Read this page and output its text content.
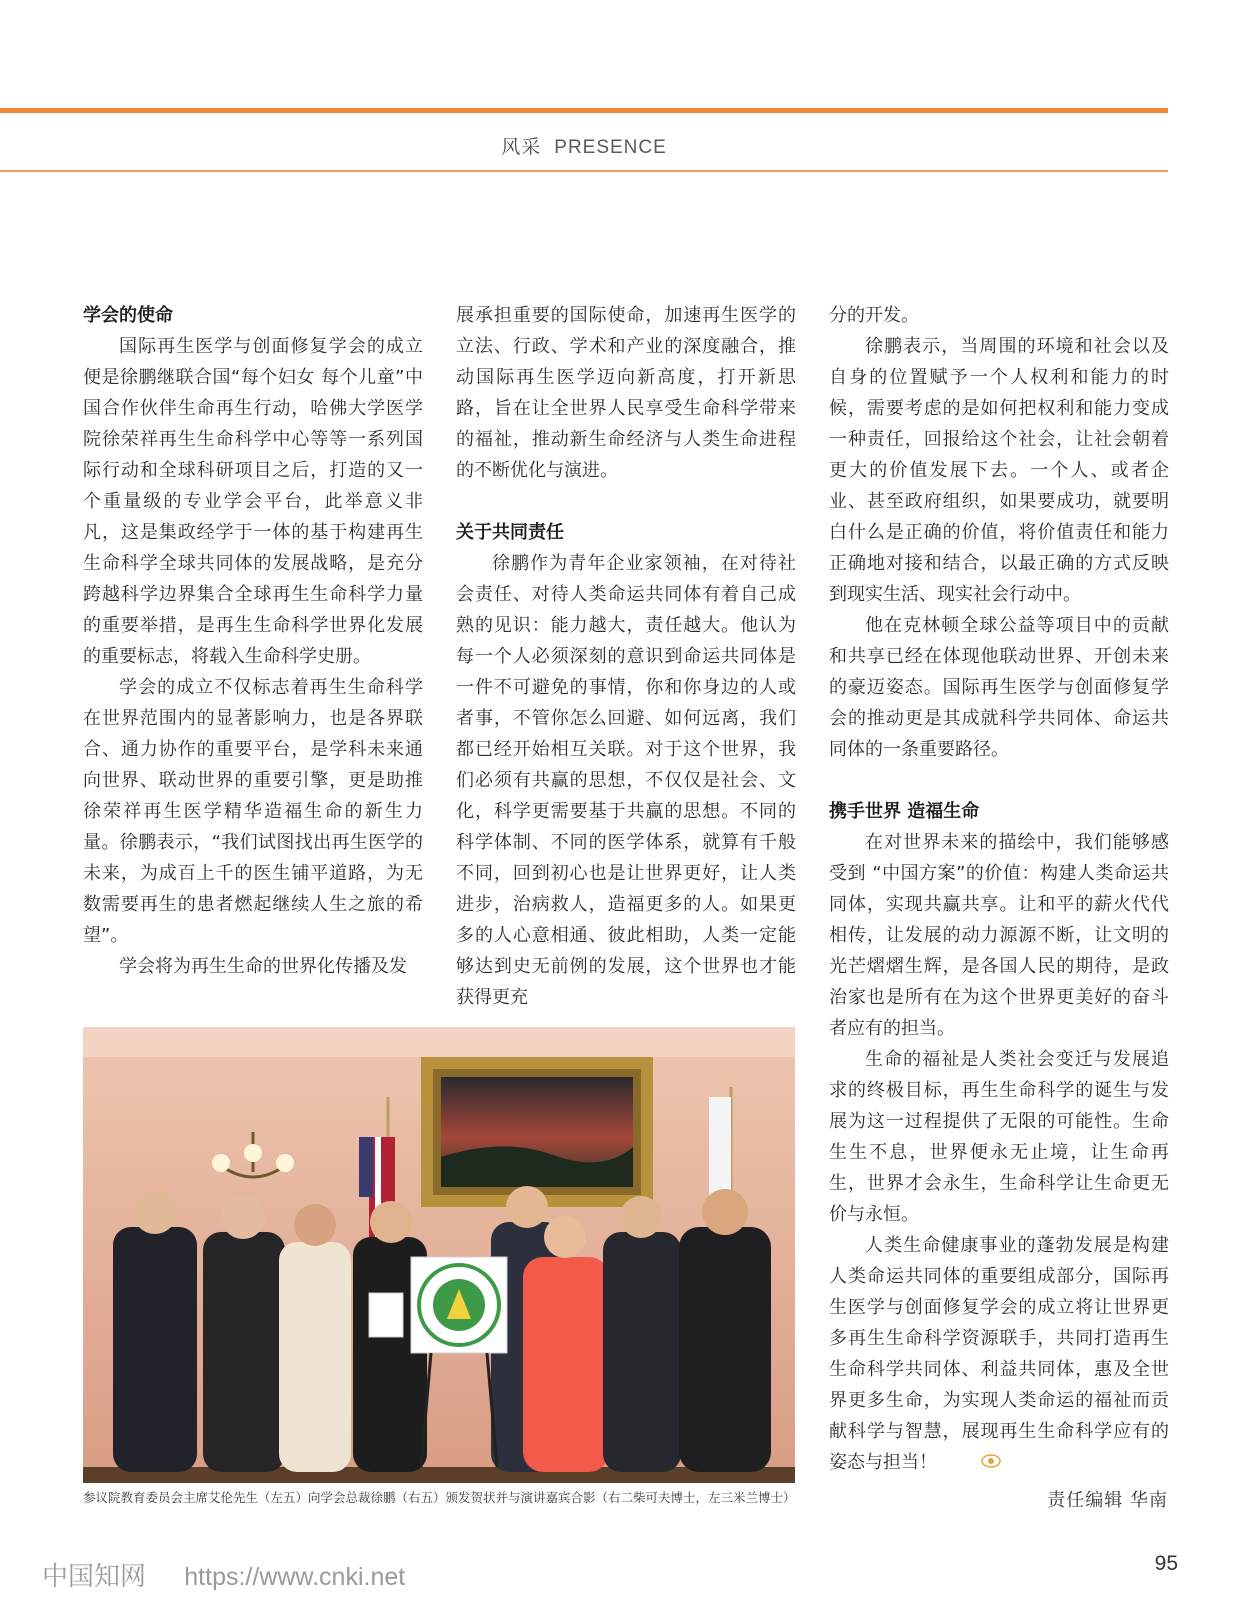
风采 PRESENCE
学会的使命

国际再生医学与创面修复学会的成立便是徐鹏继联合国“每个妇女 每个儿童”中国合作伙伴生命再生行动，哈佛大学医学院徐荣祥再生生命科学中心等等一系列国际行动和全球科研项目之后，打造的又一个重量级的专业学会平台，此举意义非凡，这是集政经学于一体的基于构建再生生命科学全球共同体的发展战略，是充分跨越科学边界集合全球再生生命科学力量的重要举措，是再生生命科学世界化发展的重要标志，将载入生命科学史册。

学会的成立不仅标志着再生生命科学在世界范围内的显著影响力，也是各界联合、通力协作的重要平台，是学科未来通向世界、联动世界的重要引擎，更是助推徐荣祥再生医学精华造福生命的新生力量。徐鹏表示，“我们试图找出再生医学的未来，为成百上千的医生铺平道路，为无数需要再生的患者燃起继续人生之旅的希望”。

学会将为再生生命的世界化传播及发

展承担重要的国际使命，加速再生医学的立法、行政、学术和产业的深度融合，推动国际再生医学迈向新高度，打开新思路，旨在让全世界人民享受生命科学带来的福祉，推动新生命经济与人类生命进程的不断优化与演进。

关于共同责任

徐鹏作为青年企业家领袖，在对待社会责任、对待人类命运共同体有着自己成熟的见识：能力越大，责任越大。他认为每一个人必须深刻的意识到命运共同体是一件不可避免的事情，你和你身边的人或者事，不管你怎么回避、如何远离，我们都已经开始相互关联。对于这个世界，我们必须有共赢的思想，不仅仅是社会、文化，科学更需要基于共赢的思想。不同的科学体制、不同的医学体系，就算有千般不同，回到初心也是让世界更好，让人类进步，治病救人，造福更多的人。如果更多的人心意相通、彼此相助，人类一定能够达到史无前例的发展，这个世界也才能获得更充

分的开发。

徐鹏表示，当周围的环境和社会以及自身的位置赋予一个人权利和能力的时候，需要考虑的是如何把权利和能力变成一种责任，回报给这个社会，让社会朝着更大的价值发展下去。一个人、或者企业、甚至政府组织，如果要成功，就要明白什么是正确的价值，将价值责任和能力正确地对接和结合，以最正确的方式反映到现实生活、现实社会行动中。

他在克林顿全球公益等项目中的贡献和共享已经在体现他联动世界、开创未来的豪迈姿态。国际再生医学与创面修复学会的推动更是其成就科学共同体、命运共同体的一条重要路径。

携手世界 造福生命

在对世界未来的描绘中，我们能够感受到 “中国方案”的价值：构建人类命运共同体，实现共赢共享。让和平的薪火代代相传，让发展的动力源源不断，让文明的光芒熠熠生辉，是各国人民的期待，是政治家也是所有在为这个世界更美好的奋斗者应有的担当。

生命的福祉是人类社会变迁与发展追求的终极目标，再生生命科学的诞生与发展为这一过程提供了无限的可能性。生命生生不息，世界便永无止境，让生命再生，世界才会永生，生命科学让生命更无价与永恒。

人类生命健康事业的蓬勃发展是构建人类命运共同体的重要组成部分，国际再生医学与创面修复学会的成立将让世界更多再生生命科学资源联手，共同打造再生生命科学共同体、利益共同体，惠及全世界更多生命，为实现人类命运的福祉而贡献科学与智慧，展现再生生命科学应有的姿态与担当！

参议院教育委员会主席艾伦先生（左五）向学会总裁徐鹏（右五）颁发贺状并与演讲嘉宾合影（右二柴可夫博士，左三米兰博士）	责任编辑 华南
中国知网 https://www.cnki.net	95
